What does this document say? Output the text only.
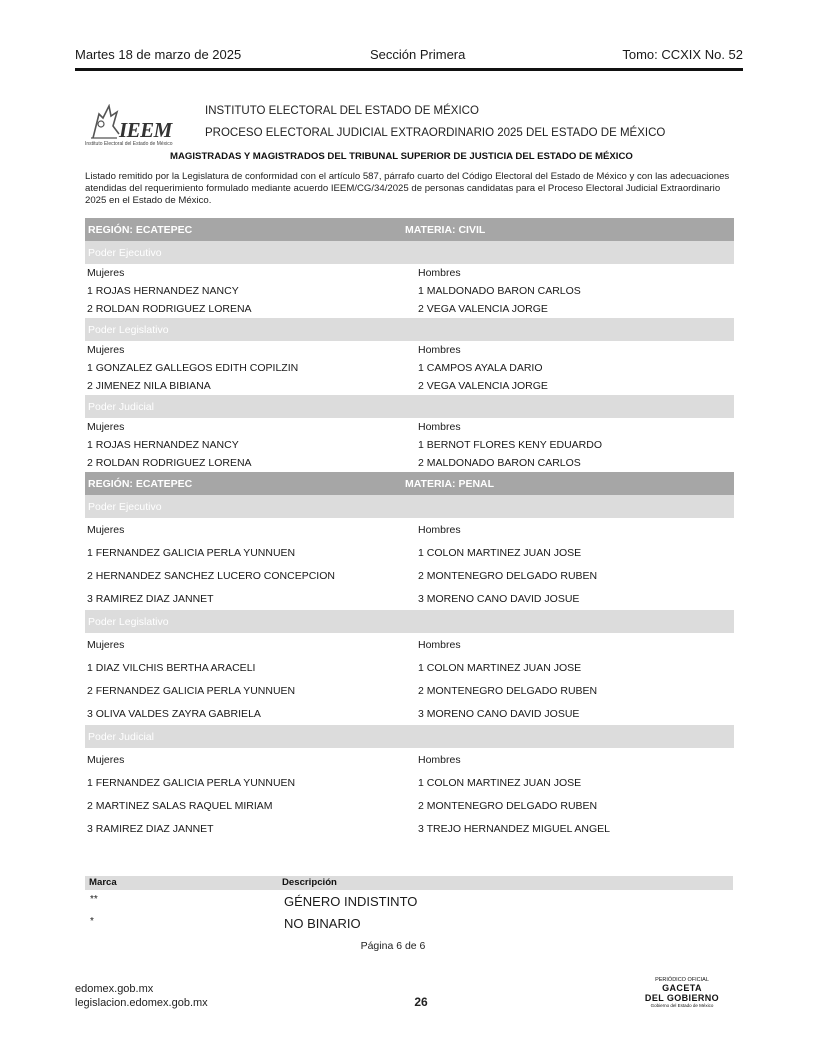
Martes 18 de marzo de 2025	Sección Primera	Tomo: CCXIX No. 52
IEEM
Instituto Electoral del Estado de México
INSTITUTO ELECTORAL DEL ESTADO DE MÉXICO
PROCESO ELECTORAL JUDICIAL EXTRAORDINARIO 2025 DEL ESTADO DE MÉXICO
MAGISTRADAS Y MAGISTRADOS DEL TRIBUNAL SUPERIOR DE JUSTICIA DEL ESTADO DE MÉXICO
Listado remitido por la Legislatura de conformidad con el artículo 587, párrafo cuarto del Código Electoral del Estado de México y con las adecuaciones atendidas del requerimiento formulado mediante acuerdo IEEM/CG/34/2025 de personas candidatas para el Proceso Electoral Judicial Extraordinario 2025 en el Estado de México.
REGIÓN: ECATEPEC	MATERIA: CIVIL
Poder Ejecutivo
Mujeres	Hombres
1 ROJAS HERNANDEZ NANCY	1 MALDONADO BARON CARLOS
2 ROLDAN RODRIGUEZ LORENA	2 VEGA VALENCIA JORGE
Poder Legislativo
Mujeres	Hombres
1 GONZALEZ GALLEGOS EDITH COPILZIN	1 CAMPOS AYALA DARIO
2 JIMENEZ NILA BIBIANA	2 VEGA VALENCIA JORGE
Poder Judicial
Mujeres	Hombres
1 ROJAS HERNANDEZ NANCY	1 BERNOT FLORES KENY EDUARDO
2 ROLDAN RODRIGUEZ LORENA	2 MALDONADO BARON CARLOS
REGIÓN: ECATEPEC	MATERIA: PENAL
Poder Ejecutivo
Mujeres	Hombres
1 FERNANDEZ GALICIA PERLA YUNNUEN	1 COLON MARTINEZ JUAN JOSE
2 HERNANDEZ SANCHEZ LUCERO CONCEPCION	2 MONTENEGRO DELGADO RUBEN
3 RAMIREZ DIAZ JANNET	3 MORENO CANO DAVID JOSUE
Poder Legislativo
Mujeres	Hombres
1 DIAZ VILCHIS BERTHA ARACELI	1 COLON MARTINEZ JUAN JOSE
2 FERNANDEZ GALICIA PERLA YUNNUEN	2 MONTENEGRO DELGADO RUBEN
3 OLIVA VALDES ZAYRA GABRIELA	3 MORENO CANO DAVID JOSUE
Poder Judicial
Mujeres	Hombres
1 FERNANDEZ GALICIA PERLA YUNNUEN	1 COLON MARTINEZ JUAN JOSE
2 MARTINEZ SALAS RAQUEL MIRIAM	2 MONTENEGRO DELGADO RUBEN
3 RAMIREZ DIAZ JANNET	3 TREJO HERNANDEZ MIGUEL ANGEL
Marca	Descripción
**	GÉNERO INDISTINTO
*	NO BINARIO
Página 6 de 6
edomex.gob.mx
legislacion.edomex.gob.mx	26
PERIÓDICO OFICIAL
GACETA
DEL GOBIERNO
Gobierno del Estado de México
